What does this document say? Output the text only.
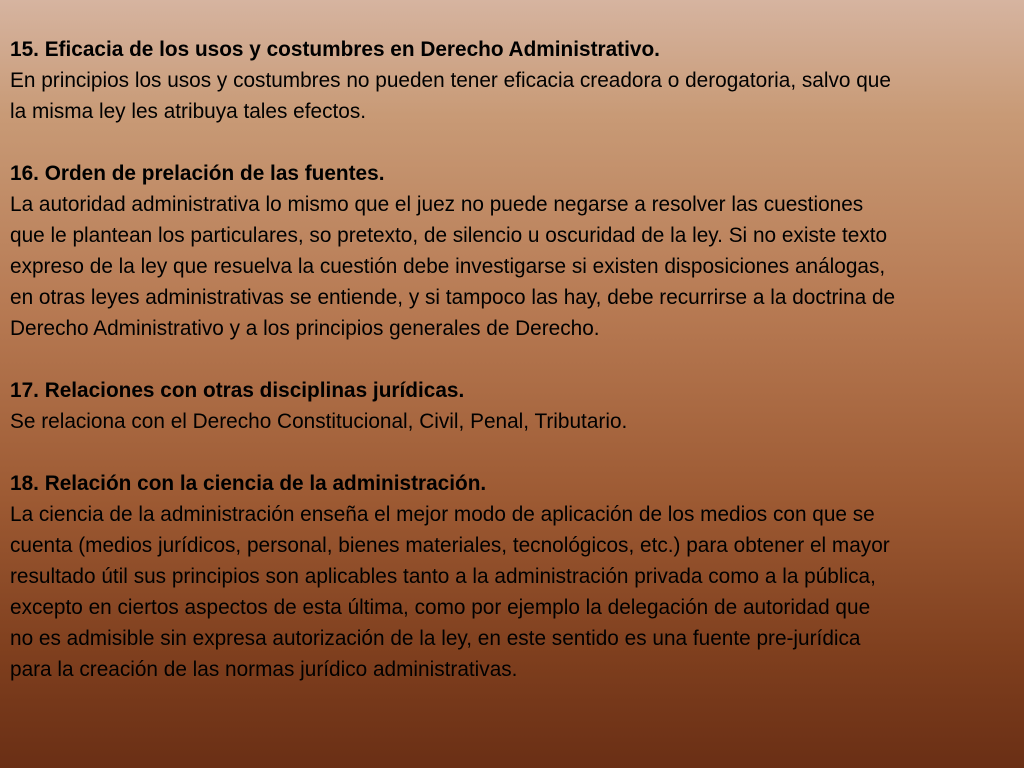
15. Eficacia de los usos y costumbres en Derecho Administrativo.

En principios los usos y costumbres no pueden tener eficacia creadora o derogatoria, salvo que

la misma ley les atribuya tales efectos.

16. Orden de prelación de las fuentes.

La autoridad administrativa lo mismo que el juez no puede negarse a resolver las cuestiones

que le plantean los particulares, so pretexto, de silencio u oscuridad de la ley. Si no existe texto

expreso de la ley que resuelva la cuestión debe investigarse si existen disposiciones análogas,

en otras leyes administrativas se entiende, y si tampoco las hay, debe recurrirse a la doctrina de

Derecho Administrativo y a los principios generales de Derecho.

17. Relaciones con otras disciplinas jurídicas.

Se relaciona con el Derecho Constitucional, Civil, Penal, Tributario.

18. Relación con la ciencia de la administración.

La ciencia de la administración enseña el mejor modo de aplicación de los medios con que se

cuenta (medios jurídicos, personal, bienes materiales, tecnológicos, etc.) para obtener el mayor

resultado útil sus principios son aplicables tanto a la administración privada como a la pública,

excepto en ciertos aspectos de esta última, como por ejemplo la delegación de autoridad que

no es admisible sin expresa autorización de la ley, en este sentido es una fuente pre-jurídica

para la creación de las normas jurídico administrativas.
